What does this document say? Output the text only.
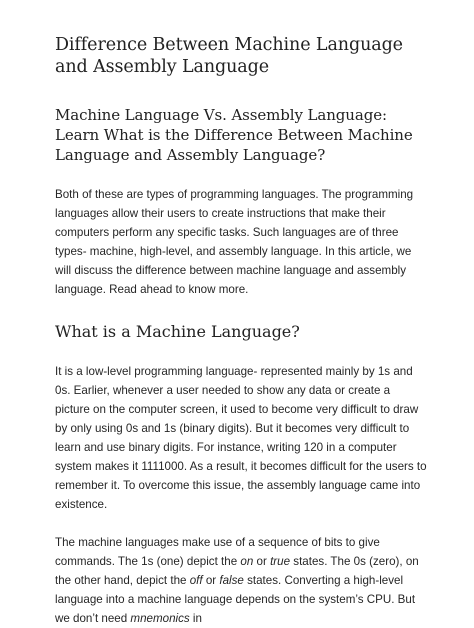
Difference Between Machine Language and Assembly Language
Machine Language Vs. Assembly Language: Learn What is the Difference Between Machine Language and Assembly Language?

Both of these are types of programming languages. The programming languages allow their users to create instructions that make their computers perform any specific tasks. Such languages are of three types- machine, high-level, and assembly language. In this article, we will discuss the difference between machine language and assembly language. Read ahead to know more.

What is a Machine Language?

It is a low-level programming language- represented mainly by 1s and 0s. Earlier, whenever a user needed to show any data or create a picture on the computer screen, it used to become very difficult to draw by only using 0s and 1s (binary digits). But it becomes very difficult to learn and use binary digits. For instance, writing 120 in a computer system makes it 1111000. As a result, it becomes difficult for the users to remember it. To overcome this issue, the assembly language came into existence.

The machine languages make use of a sequence of bits to give commands. The 1s (one) depict the on or true states. The 0s (zero), on the other hand, depict the off or false states. Converting a high-level language into a machine language depends on the system’s CPU. But we don’t need mnemonics in
